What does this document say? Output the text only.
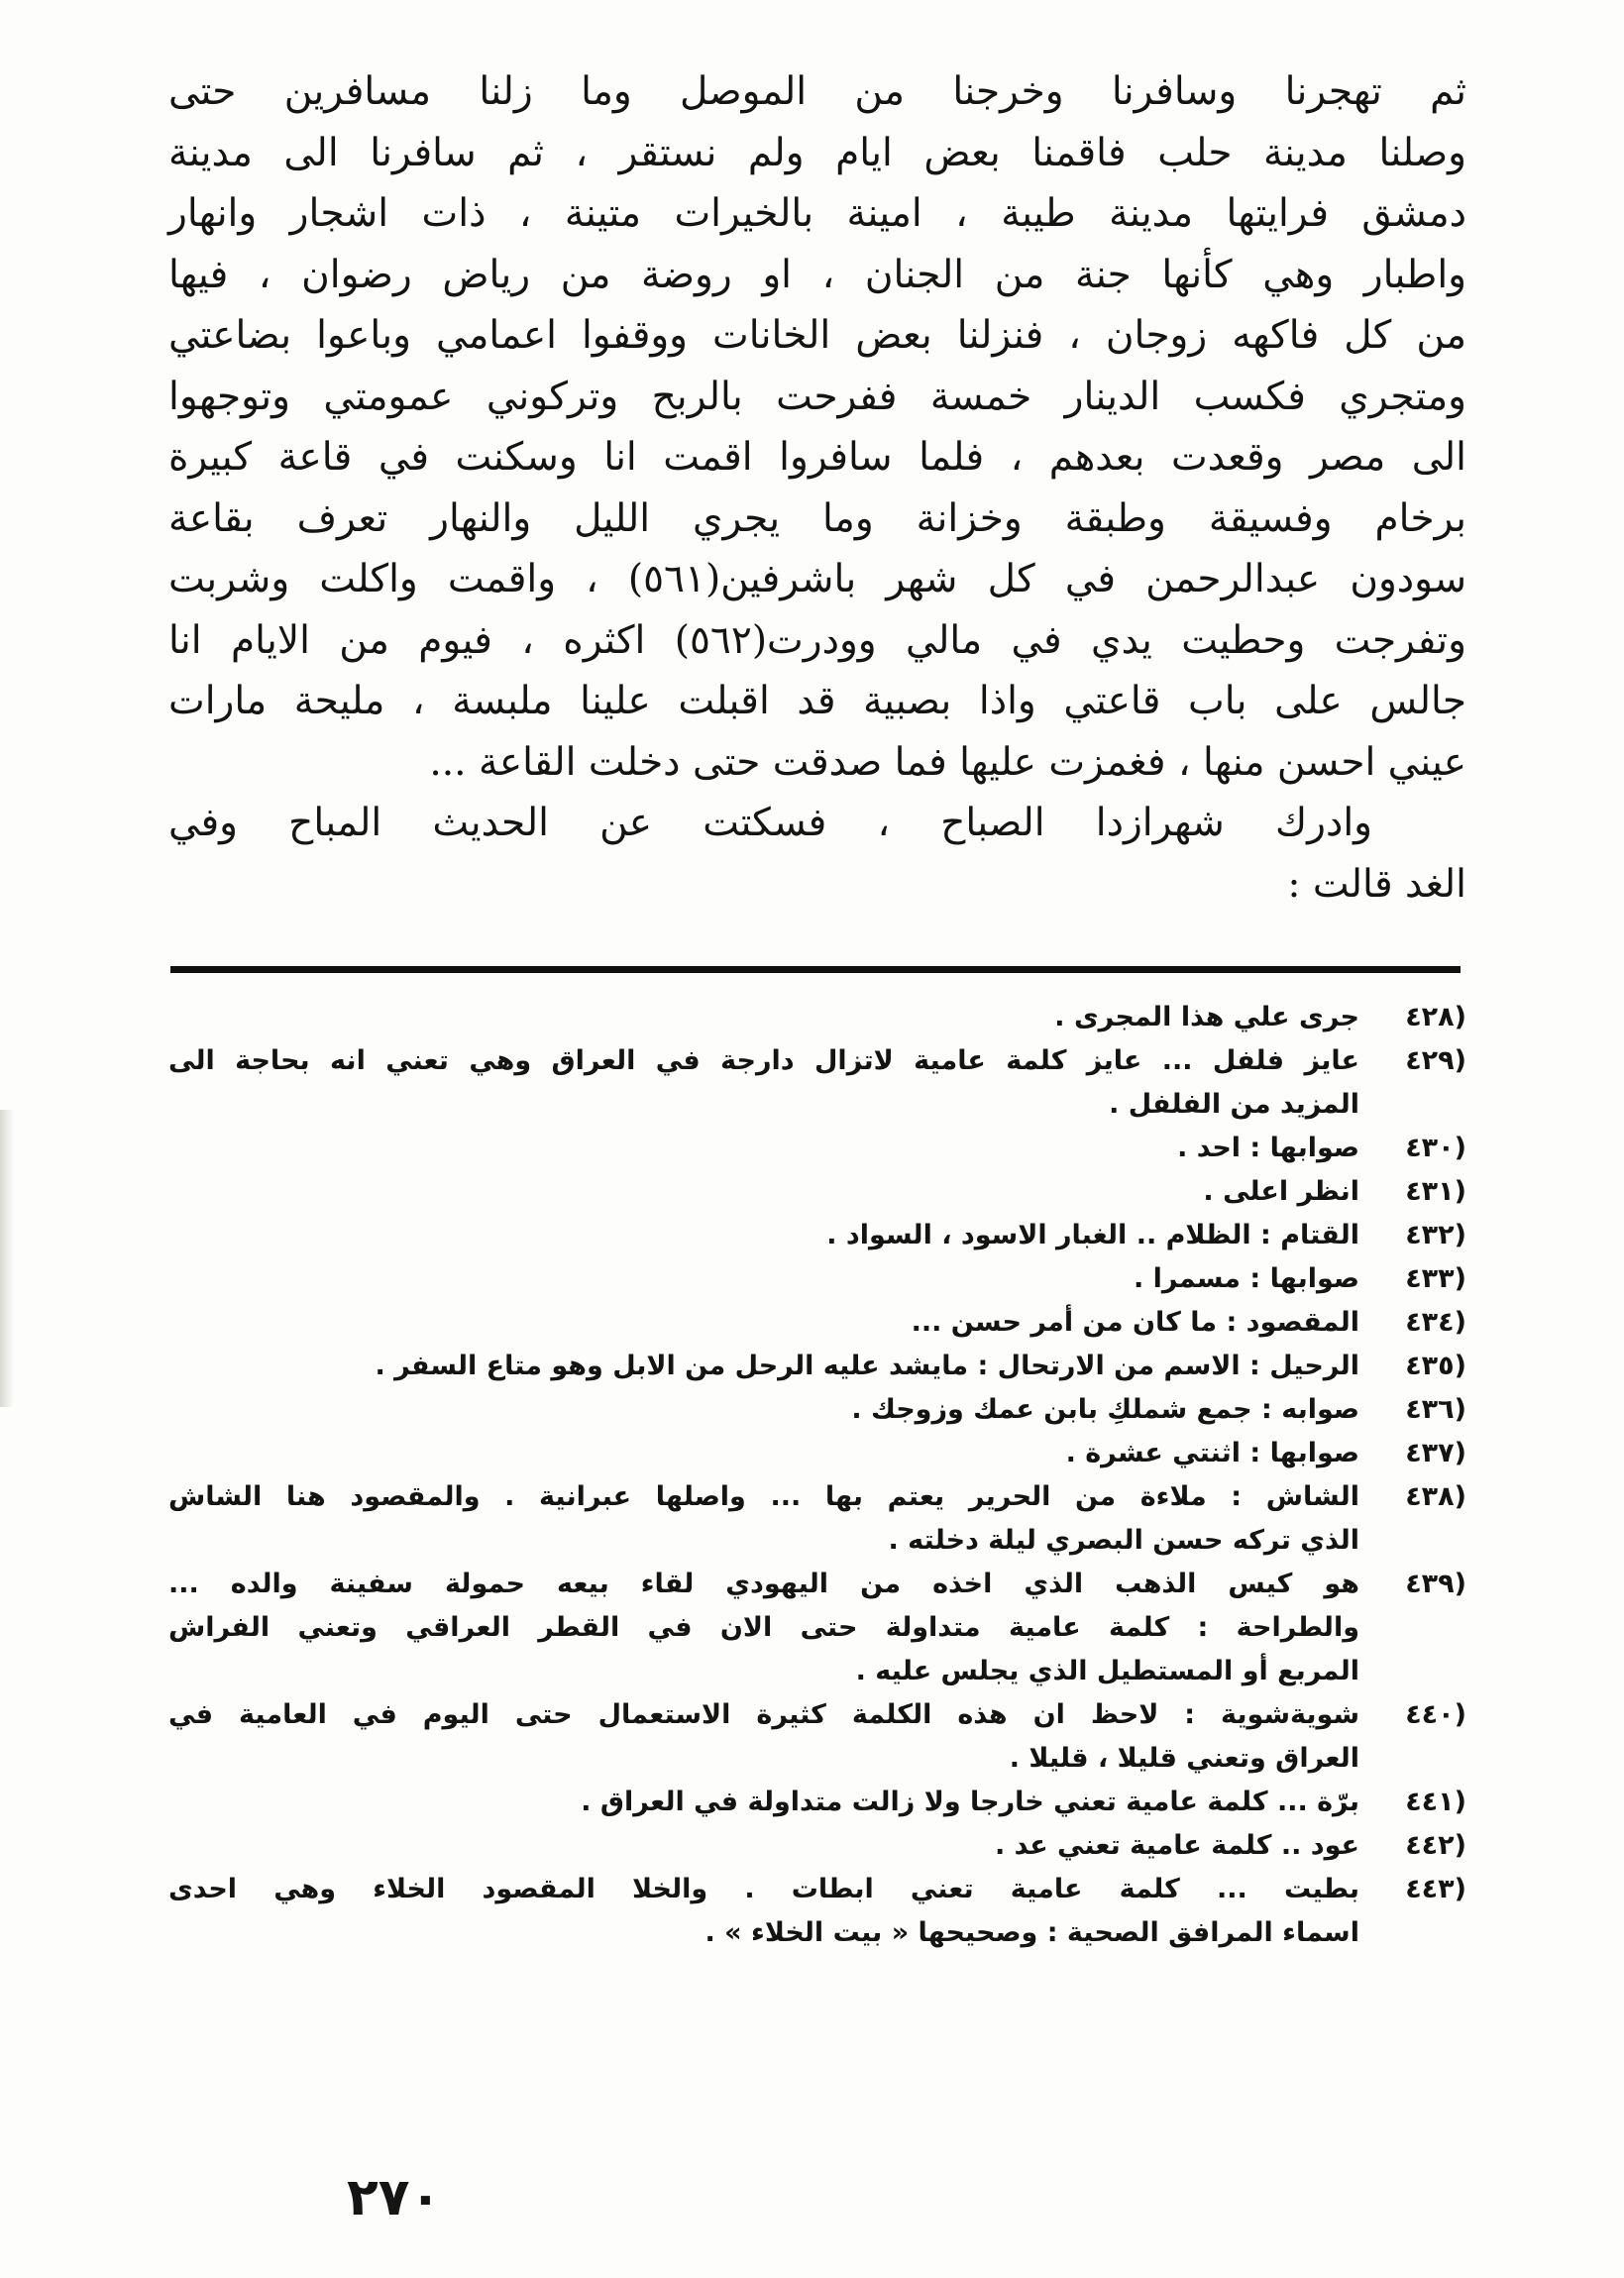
ثم تهجرنا وسافرنا وخرجنا من الموصل وما زلنا مسافرين حتى
وصلنا مدينة حلب فاقمنا بعض ايام ولم نستقر ، ثم سافرنا الى مدينة
دمشق فرايتها مدينة طيبة ، امينة بالخيرات متينة ، ذات اشجار وانهار
واطبار وهي كأنها جنة من الجنان ، او روضة من رياض رضوان ، فيها
من كل فاكهه زوجان ، فنزلنا بعض الخانات ووقفوا اعمامي وباعوا بضاعتي
ومتجري فكسب الدينار خمسة ففرحت بالربح وتركوني عمومتي وتوجهوا
الى مصر وقعدت بعدهم ، فلما سافروا اقمت انا وسكنت في قاعة كبيرة
برخام وفسيقة وطبقة وخزانة وما يجري الليل والنهار تعرف بقاعة
سودون عبدالرحمن في كل شهر باشرفين(٥٦١) ، واقمت واكلت وشربت
وتفرجت وحطيت يدي في مالي وودرت(٥٦٢) اكثره ، فيوم من الايام انا
جالس على باب قاعتي واذا بصبية قد اقبلت علينا ملبسة ، مليحة مارات
عيني احسن منها ، فغمزت عليها فما صدقت حتى دخلت القاعة ...
وادرك شهرازدا الصباح ، فسكتت عن الحديث المباح وفي
الغد قالت :
(٤٢٨
جرى علي هذا المجرى .
(٤٢٩
عايز فلفل ... عايز كلمة عامية لاتزال دارجة في العراق وهي تعني انه بحاجة الى
المزيد من الفلفل .
(٤٣٠
صوابها : احد .
(٤٣١
انظر اعلى .
(٤٣٢
القتام : الظلام .. الغبار الاسود ، السواد .
(٤٣٣
صوابها : مسمرا .
(٤٣٤
المقصود : ما كان من أمر حسن ...
(٤٣٥
الرحيل : الاسم من الارتحال : مايشد عليه الرحل من الابل وهو متاع السفر .
(٤٣٦
صوابه : جمع شملكِ بابن عمك وزوجك .
(٤٣٧
صوابها : اثنتي عشرة .
(٤٣٨
الشاش : ملاءة من الحرير يعتم بها ... واصلها عبرانية . والمقصود هنا الشاش
الذي تركه حسن البصري ليلة دخلته .
(٤٣٩
هو كيس الذهب الذي اخذه من اليهودي لقاء بيعه حمولة سفينة والده ...
والطراحة : كلمة عامية متداولة حتى الان في القطر العراقي وتعني الفراش
المربع أو المستطيل الذي يجلس عليه .
(٤٤٠
شويةشوية : لاحظ ان هذه الكلمة كثيرة الاستعمال حتى اليوم في العامية في
العراق وتعني قليلا ، قليلا .
(٤٤١
برّة ... كلمة عامية تعني خارجا ولا زالت متداولة في العراق .
(٤٤٢
عود .. كلمة عامية تعني عد .
(٤٤٣
بطيت ... كلمة عامية تعني ابطات . والخلا المقصود الخلاء وهي احدى
اسماء المرافق الصحية : وصحيحها « بيت الخلاء » .
٢٧٠
